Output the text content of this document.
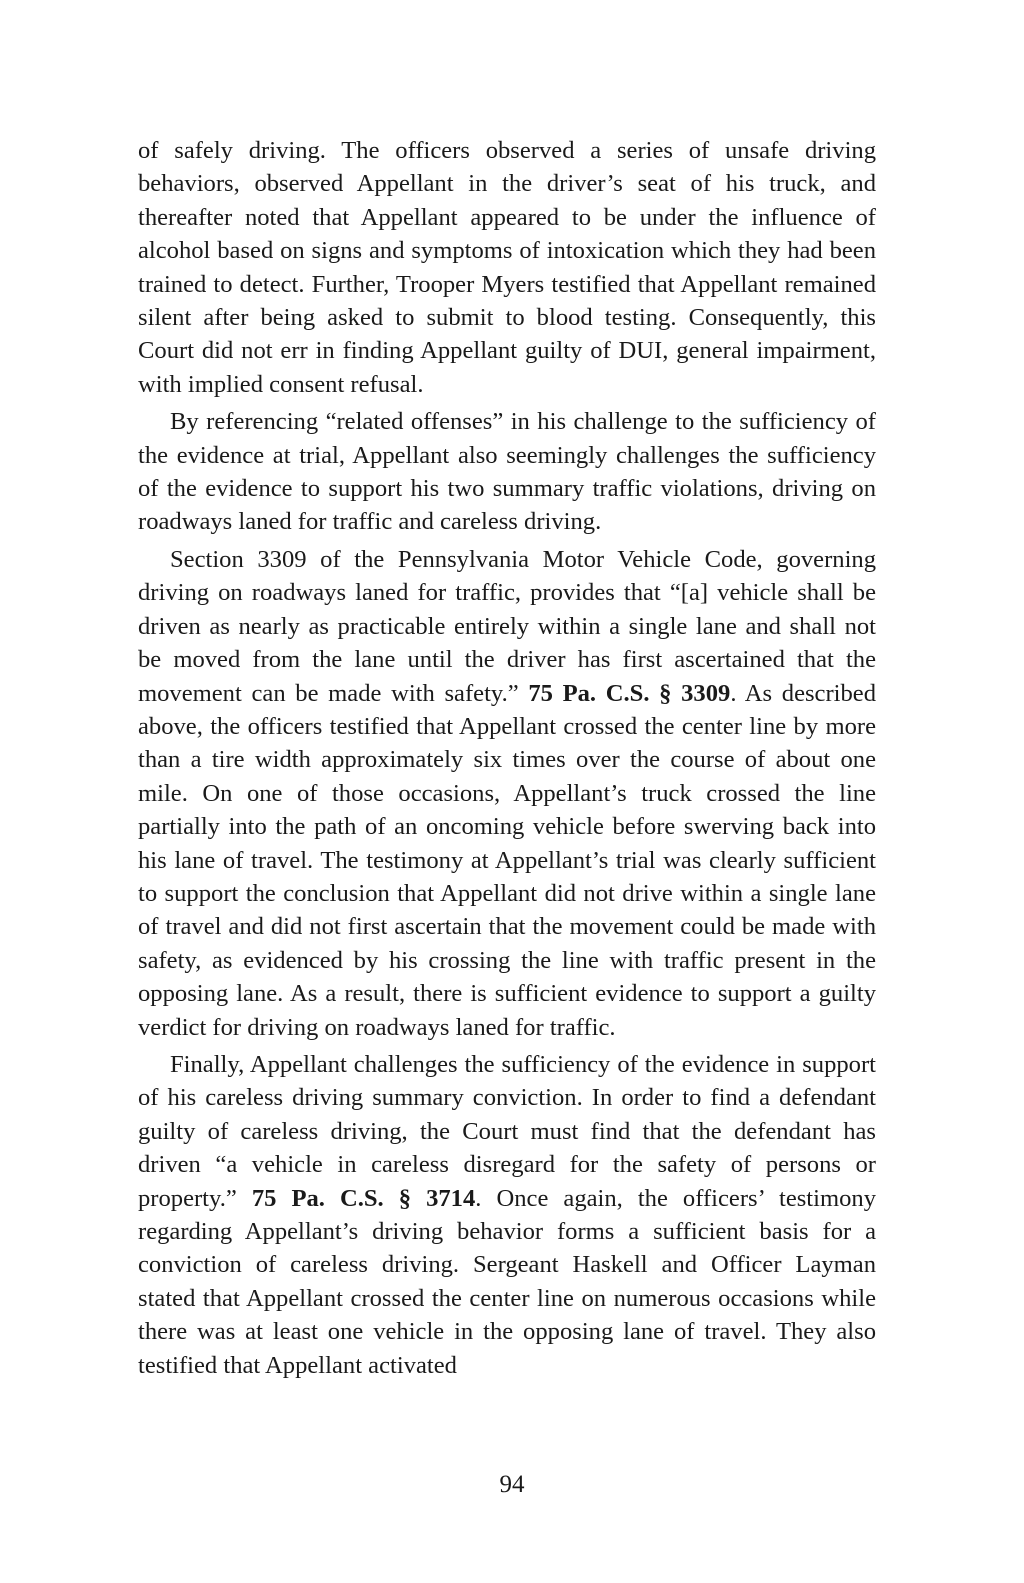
of safely driving. The officers observed a series of unsafe driving behaviors, observed Appellant in the driver’s seat of his truck, and thereafter noted that Appellant appeared to be under the influence of alcohol based on signs and symptoms of intoxication which they had been trained to detect. Further, Trooper Myers testified that Appellant remained silent after being asked to submit to blood testing. Consequently, this Court did not err in finding Appellant guilty of DUI, general impairment, with implied consent refusal.

By referencing “related offenses” in his challenge to the sufficiency of the evidence at trial, Appellant also seemingly challenges the sufficiency of the evidence to support his two summary traffic violations, driving on roadways laned for traffic and careless driving.

Section 3309 of the Pennsylvania Motor Vehicle Code, governing driving on roadways laned for traffic, provides that “[a] vehicle shall be driven as nearly as practicable entirely within a single lane and shall not be moved from the lane until the driver has first ascertained that the movement can be made with safety.” 75 Pa. C.S. § 3309. As described above, the officers testified that Appellant crossed the center line by more than a tire width approximately six times over the course of about one mile. On one of those occasions, Appellant’s truck crossed the line partially into the path of an oncoming vehicle before swerving back into his lane of travel. The testimony at Appellant’s trial was clearly sufficient to support the conclusion that Appellant did not drive within a single lane of travel and did not first ascertain that the movement could be made with safety, as evidenced by his crossing the line with traffic present in the opposing lane. As a result, there is sufficient evidence to support a guilty verdict for driving on roadways laned for traffic.

Finally, Appellant challenges the sufficiency of the evidence in support of his careless driving summary conviction. In order to find a defendant guilty of careless driving, the Court must find that the defendant has driven “a vehicle in careless disregard for the safety of persons or property.” 75 Pa. C.S. § 3714. Once again, the officers’ testimony regarding Appellant’s driving behavior forms a sufficient basis for a conviction of careless driving. Sergeant Haskell and Officer Layman stated that Appellant crossed the center line on numerous occasions while there was at least one vehicle in the opposing lane of travel. They also testified that Appellant activated

94
